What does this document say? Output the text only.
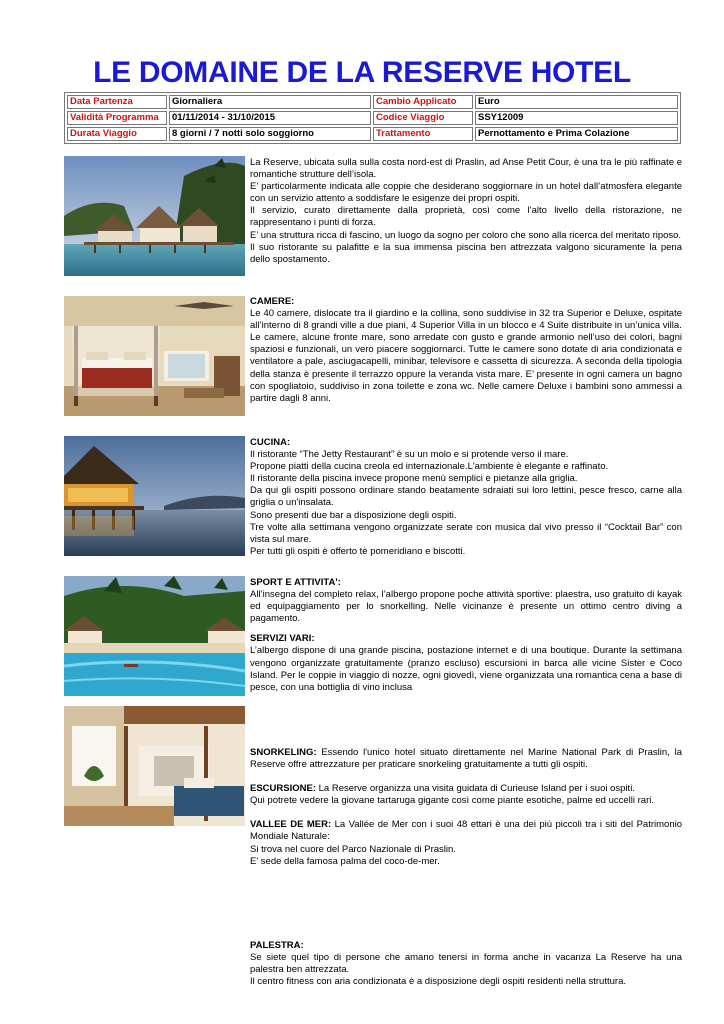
LE DOMAINE DE LA RESERVE HOTEL
Data Partenza	Giornaliera	Cambio Applicato	Euro
Validità Programma	01/11/2014 - 31/10/2015	Codice Viaggio	SSY12009
Durata Viaggio	8 giorni / 7 notti solo soggiorno	Trattamento	Pernottamento e Prima Colazione

La Reserve, ubicata sulla sulla costa nord-est di Praslin, ad Anse Petit Cour, è una tra le più raffinate e romantiche strutture dell’isola.

E’ particolarmente indicata alle coppie che desiderano soggiornare in un hotel dall’atmosfera elegante con un servizio attento a soddisfare le esigenze dei propri ospiti.

Il servizio, curato direttamente dalla proprietà, così come l’alto livello della ristorazione, ne rappresentano i punti di forza.

E’ una struttura ricca di fascino, un luogo da sogno per coloro che sono alla ricerca del meritato riposo.

Il suo ristorante su palafitte e la sua immensa piscina ben attrezzata valgono sicuramente la pena dello spostamento.

CAMERE:

Le 40 camere, dislocate tra il giardino e la collina, sono suddivise in 32 tra Superior e Deluxe, ospitate all’interno di 8 grandi ville a due piani, 4 Superior Villa in un blocco e 4 Suite distribuite in un’unica villa.

Le camere, alcune fronte mare, sono arredate con gusto e grande armonio nell’uso dei colori, bagni spaziosi e funzionali, un vero piacere soggiornarci. Tutte le camere sono dotate di aria condizionata e ventilatore a pale, asciugacapelli, minibar, televisore e cassetta di sicurezza. A seconda della tipologia della stanza è presente il terrazzo oppure la veranda vista mare. E’ presente in ogni camera un bagno con spogliatoio, suddiviso in zona toilette e zona wc. Nelle camere Deluxe i bambini sono ammessi a partire dagli 8 anni.

CUCINA:

Il ristorante “The Jetty Restaurant” è su un molo e si protende verso il mare.

Propone piatti della cucina creola ed internazionale.L'ambiente è elegante e raffinato.

Il ristorante della piscina invece propone menù semplici e pietanze alla griglia.

Da qui gli ospiti possono ordinare stando beatamente sdraiati sui loro lettini, pesce fresco, carne alla griglia o un'insalata.

Sono presenti due bar a disposizione degli ospiti.

Tre volte alla settimana vengono organizzate serate con musica dal vivo presso il “Cocktail Bar” con vista sul mare.

Per tutti gli ospiti è offerto tè pomeridiano e biscotti.

SPORT E ATTIVITA':

All’insegna del completo relax, l’albergo propone poche attività sportive: plaestra, uso gratuito di kayak ed equipaggiamento per lo snorkelling. Nelle vicinanze è presente un ottimo centro diving a pagamento.

SERVIZI VARI:

L’albergo dispone di una grande piscina, postazione internet e di una boutique. Durante la settimana vengono organizzate gratuitamente (pranzo escluso) escursioni in barca alle vicine Sister e Coco Island. Per le coppie in viaggio di nozze, ogni giovedì, viene organizzata una romantica cena a base di pesce, con una bottiglia di vino inclusa

SNORKELING: Essendo l'unico hotel situato direttamente nel Marine National Park di Praslin, la Reserve offre attrezzature per praticare snorkeling gratuitamente a tutti gli ospiti.

ESCURSIONE: La Reserve organizza una visita guidata di Curieuse Island per i suoi ospiti.

Qui potrete vedere la giovane tartaruga gigante così come piante esotiche, palme ed uccelli rari.

VALLEE DE MER: La Vallée de Mer con i suoi 48 ettari è una dei più piccoli tra i siti del Patrimonio Mondiale Naturale:

Si trova nel cuore del Parco Nazionale di Praslin.

E' sede della famosa palma del coco-de-mer.

PALESTRA:

Se siete quel tipo di persone che amano tenersi in forma anche in vacanza La Reserve ha una palestra ben attrezzata.

Il centro fitness con aria condizionata è a disposizione degli ospiti residenti nella struttura.
